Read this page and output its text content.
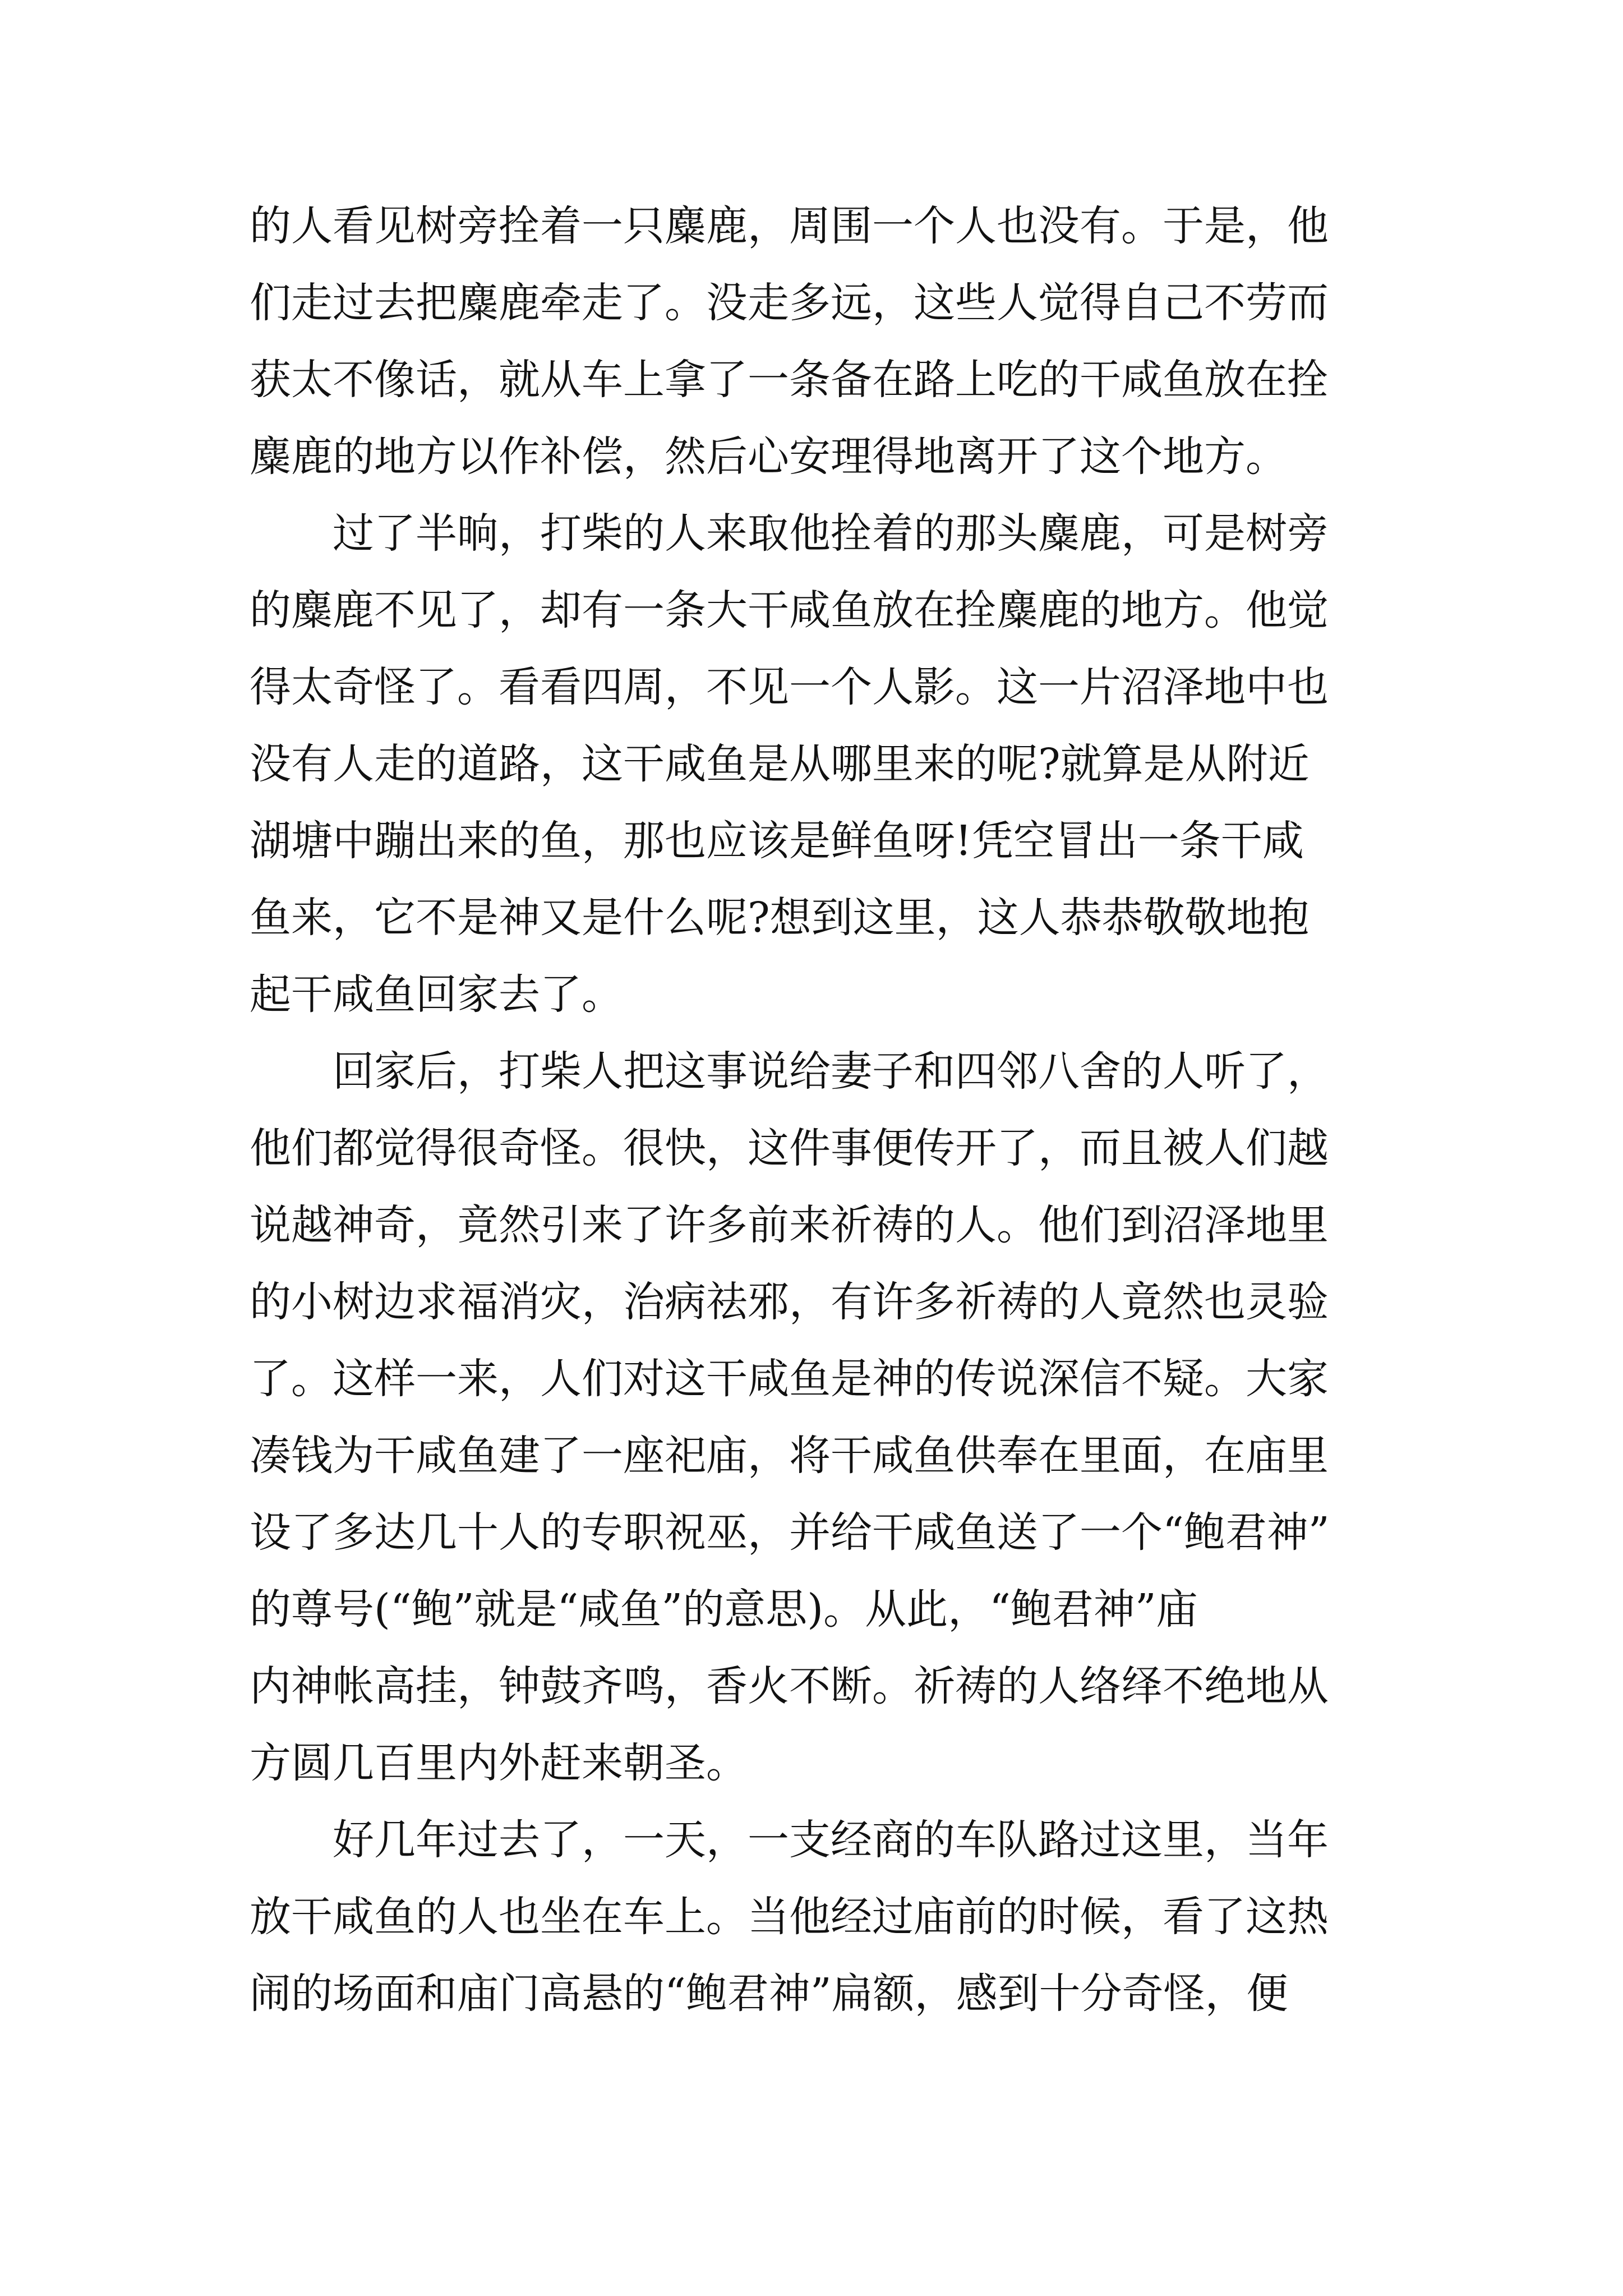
的人看见树旁拴着一只麋鹿，周围一个人也没有。于是，他
们走过去把麋鹿牵走了。没走多远，这些人觉得自己不劳而
获太不像话，就从车上拿了一条备在路上吃的干咸鱼放在拴
麋鹿的地方以作补偿，然后心安理得地离开了这个地方。
过了半晌，打柴的人来取他拴着的那头麋鹿，可是树旁
的麋鹿不见了，却有一条大干咸鱼放在拴麋鹿的地方。他觉
得太奇怪了。看看四周，不见一个人影。这一片沼泽地中也
没有人走的道路，这干咸鱼是从哪里来的呢?就算是从附近
湖塘中蹦出来的鱼，那也应该是鲜鱼呀!凭空冒出一条干咸
鱼来，它不是神又是什么呢?想到这里，这人恭恭敬敬地抱
起干咸鱼回家去了。
回家后，打柴人把这事说给妻子和四邻八舍的人听了，
他们都觉得很奇怪。很快，这件事便传开了，而且被人们越
说越神奇，竟然引来了许多前来祈祷的人。他们到沼泽地里
的小树边求福消灾，治病祛邪，有许多祈祷的人竟然也灵验
了。这样一来，人们对这干咸鱼是神的传说深信不疑。大家
凑钱为干咸鱼建了一座祀庙，将干咸鱼供奉在里面，在庙里
设了多达几十人的专职祝巫，并给干咸鱼送了一个“鲍君神”
的尊号(“鲍”就是“咸鱼”的意思)。从此，“鲍君神”庙
内神帐高挂，钟鼓齐鸣，香火不断。祈祷的人络绎不绝地从
方圆几百里内外赶来朝圣。
好几年过去了，一天，一支经商的车队路过这里，当年
放干咸鱼的人也坐在车上。当他经过庙前的时候，看了这热
闹的场面和庙门高悬的“鲍君神”扁额，感到十分奇怪，便
